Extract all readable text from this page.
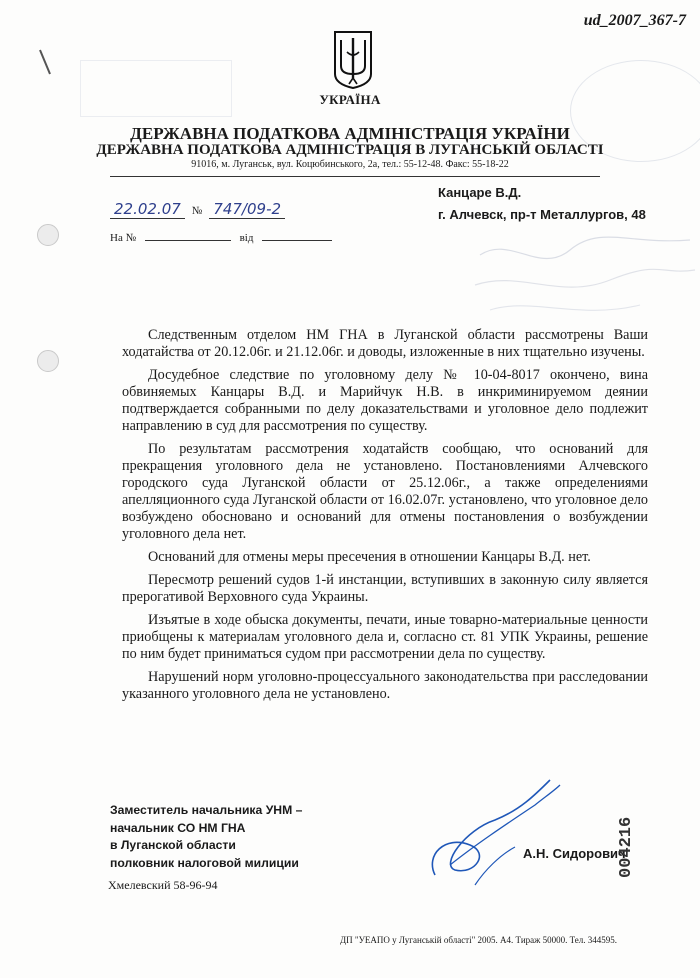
ud_2007_367-7
УКРАЇНА
ДЕРЖАВНА ПОДАТКОВА АДМІНІСТРАЦІЯ УКРАЇНИ
ДЕРЖАВНА ПОДАТКОВА АДМІНІСТРАЦІЯ В ЛУГАНСЬКІЙ ОБЛАСТІ
91016, м. Луганськ, вул. Коцюбинського, 2а, тел.: 55-12-48. Факс: 55-18-22
Канцаре В.Д.
г. Алчевск, пр-т Металлургов, 48
22.02.07 № 747/09-2
На №	від

Следственным отделом НМ ГНА в Луганской области рассмотрены Ваши ходатайства от 20.12.06г. и 21.12.06г. и доводы, изложенные в них тщательно изучены.

Досудебное следствие по уголовному делу № 10-04-8017 окончено, вина обвиняемых Канцары В.Д. и Марийчук Н.В. в инкриминируемом деянии подтверждается собранными по делу доказательствами и уголовное дело подлежит направлению в суд для рассмотрения по существу.

По результатам рассмотрения ходатайств сообщаю, что оснований для прекращения уголовного дела не установлено. Постановлениями Алчевского городского суда Луганской области от 25.12.06г., а также определениями апелляционного суда Луганской области от 16.02.07г. установлено, что уголовное дело возбуждено обосновано и оснований для отмены постановления о возбуждении уголовного дела нет.

Оснований для отмены меры пресечения в отношении Канцары В.Д. нет.

Пересмотр решений судов 1-й инстанции, вступивших в законную силу является прерогативой Верховного суда Украины.

Изъятые в ходе обыска документы, печати, иные товарно-материальные ценности приобщены к материалам уголовного дела и, согласно ст. 81 УПК Украины, решение по ним будет приниматься судом при рассмотрении дела по существу.

Нарушений норм уголовно-процессуального законодательства при расследовании указанного уголовного дела не установлено.

Заместитель начальника УНМ –
начальник СО НМ ГНА
в Луганской области
полковник налоговой милиции
А.Н. Сидорович
004216
Хмелевский 58-96-94
ДП "УЕАПО у Луганській області" 2005. А4. Тираж 50000. Тел. 344595.
